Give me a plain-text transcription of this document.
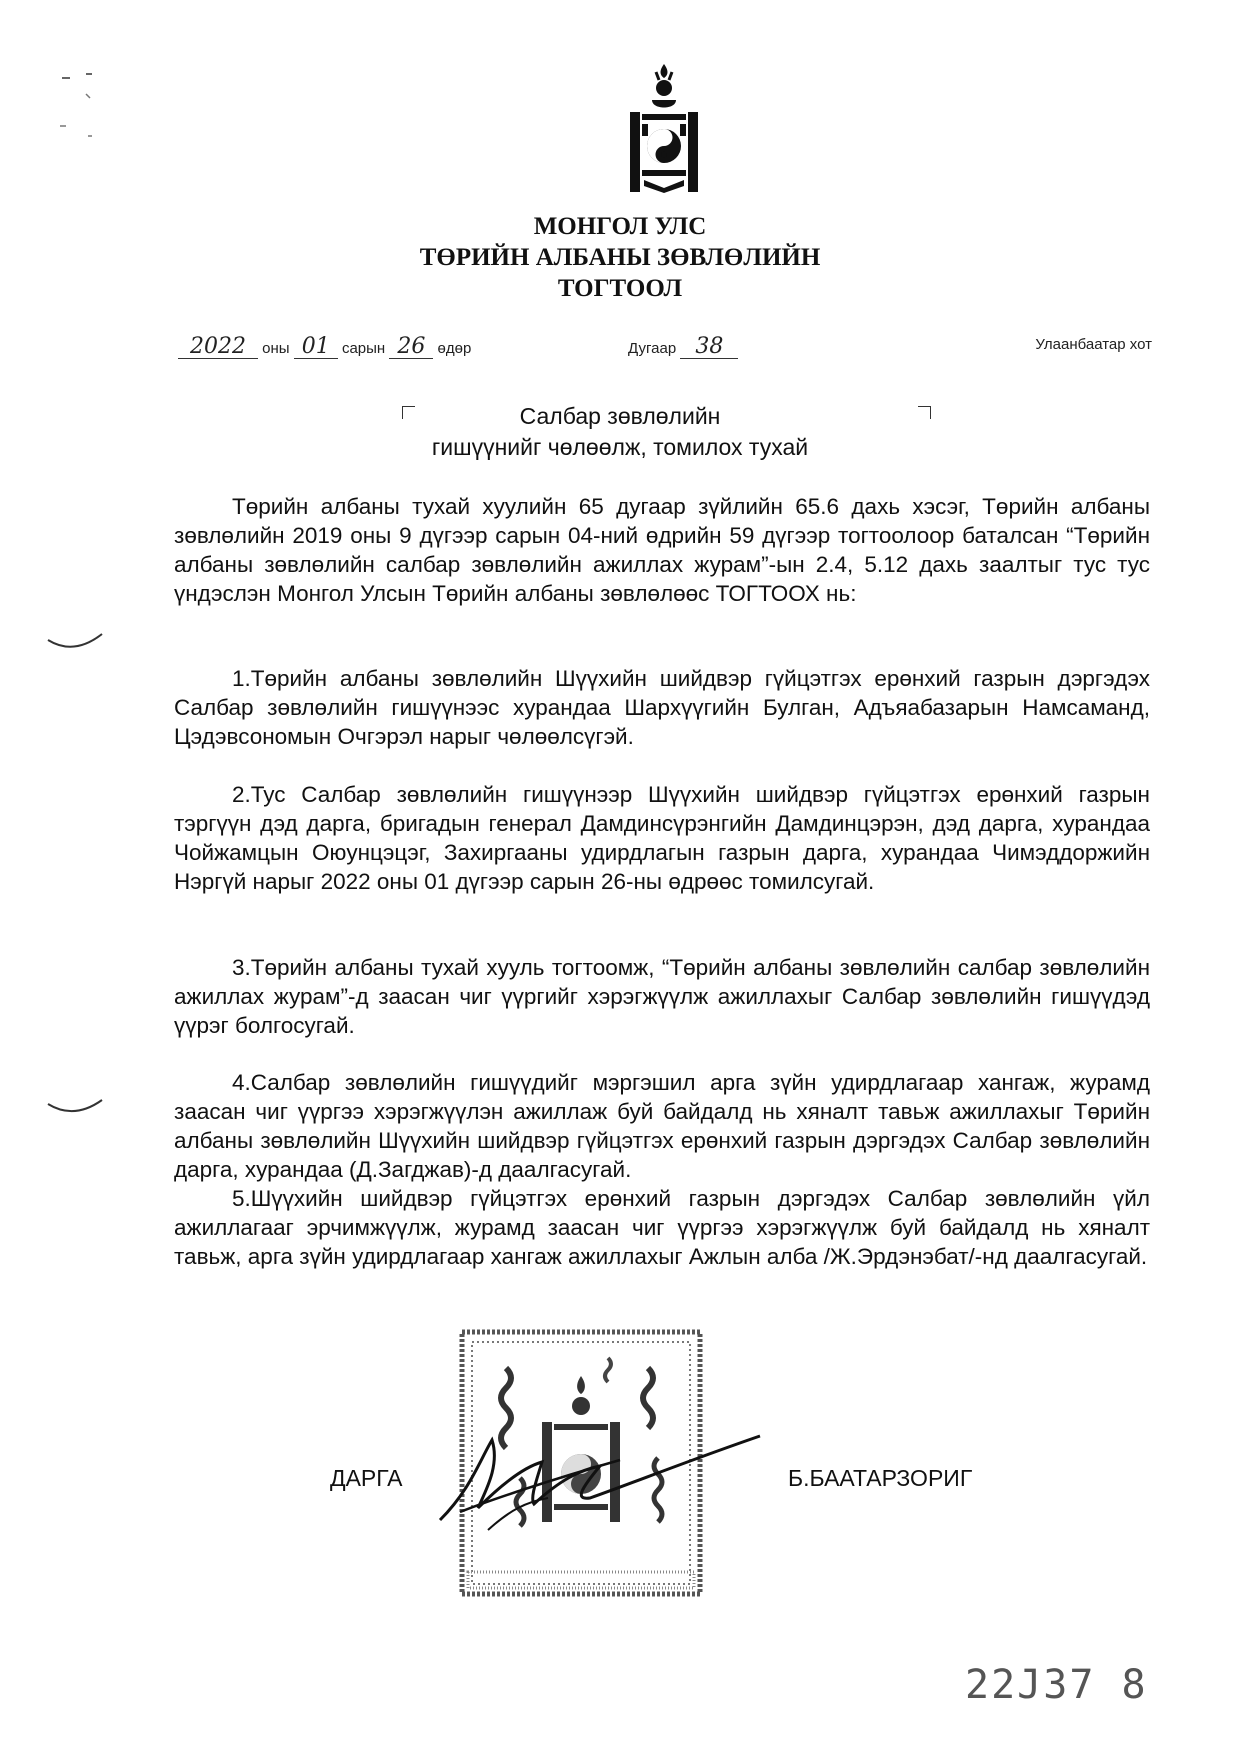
МОНГОЛ УЛС
ТӨРИЙН АЛБАНЫ ЗӨВЛӨЛИЙН
ТОГТООЛ
2022 оны 01 сарын 26 өдөр	Дугаар 38	Улаанбаатар хот
Салбар зөвлөлийн
гишүүнийг чөлөөлж, томилох тухай

Төрийн албаны тухай хуулийн 65 дугаар зүйлийн 65.6 дахь хэсэг, Төрийн албаны зөвлөлийн 2019 оны 9 дүгээр сарын 04-ний өдрийн 59 дүгээр тогтоолоор баталсан “Төрийн албаны зөвлөлийн салбар зөвлөлийн ажиллах журам”-ын 2.4, 5.12 дахь заалтыг тус тус үндэслэн Монгол Улсын Төрийн албаны зөвлөлөөс ТОГТООХ нь:

1.Төрийн албаны зөвлөлийн Шүүхийн шийдвэр гүйцэтгэх ерөнхий газрын дэргэдэх Салбар зөвлөлийн гишүүнээс хурандаа Шархүүгийн Булган, Адъяабазарын Намсаманд, Цэдэвсономын Очгэрэл нарыг чөлөөлсүгэй.

2.Тус Салбар зөвлөлийн гишүүнээр Шүүхийн шийдвэр гүйцэтгэх ерөнхий газрын тэргүүн дэд дарга, бригадын генерал Дамдинсүрэнгийн Дамдинцэрэн, дэд дарга, хурандаа Чойжамцын Оюунцэцэг, Захиргааны удирдлагын газрын дарга, хурандаа Чимэддоржийн Нэргүй нарыг 2022 оны 01 дүгээр сарын 26-ны өдрөөс томилсугай.

3.Төрийн албаны тухай хууль тогтоомж, “Төрийн албаны зөвлөлийн салбар зөвлөлийн ажиллах журам”-д заасан чиг үүргийг хэрэгжүүлж ажиллахыг Салбар зөвлөлийн гишүүдэд үүрэг болгосугай.

4.Салбар зөвлөлийн гишүүдийг мэргэшил арга зүйн удирдлагаар хангаж, журамд заасан чиг үүргээ хэрэгжүүлэн ажиллаж буй байдалд нь хяналт тавьж ажиллахыг Төрийн албаны зөвлөлийн Шүүхийн шийдвэр гүйцэтгэх ерөнхий газрын дэргэдэх Салбар зөвлөлийн дарга, хурандаа (Д.Загджав)-д даалгасугай.

5.Шүүхийн шийдвэр гүйцэтгэх ерөнхий газрын дэргэдэх Салбар зөвлөлийн үйл ажиллагааг эрчимжүүлж, журамд заасан чиг үүргээ хэрэгжүүлж буй байдалд нь хяналт тавьж, арга зүйн удирдлагаар хангаж ажиллахыг Ажлын алба /Ж.Эрдэнэбат/-нд даалгасугай.

ДАРГА	Б.БААТАРЗОРИГ
22J37 8
